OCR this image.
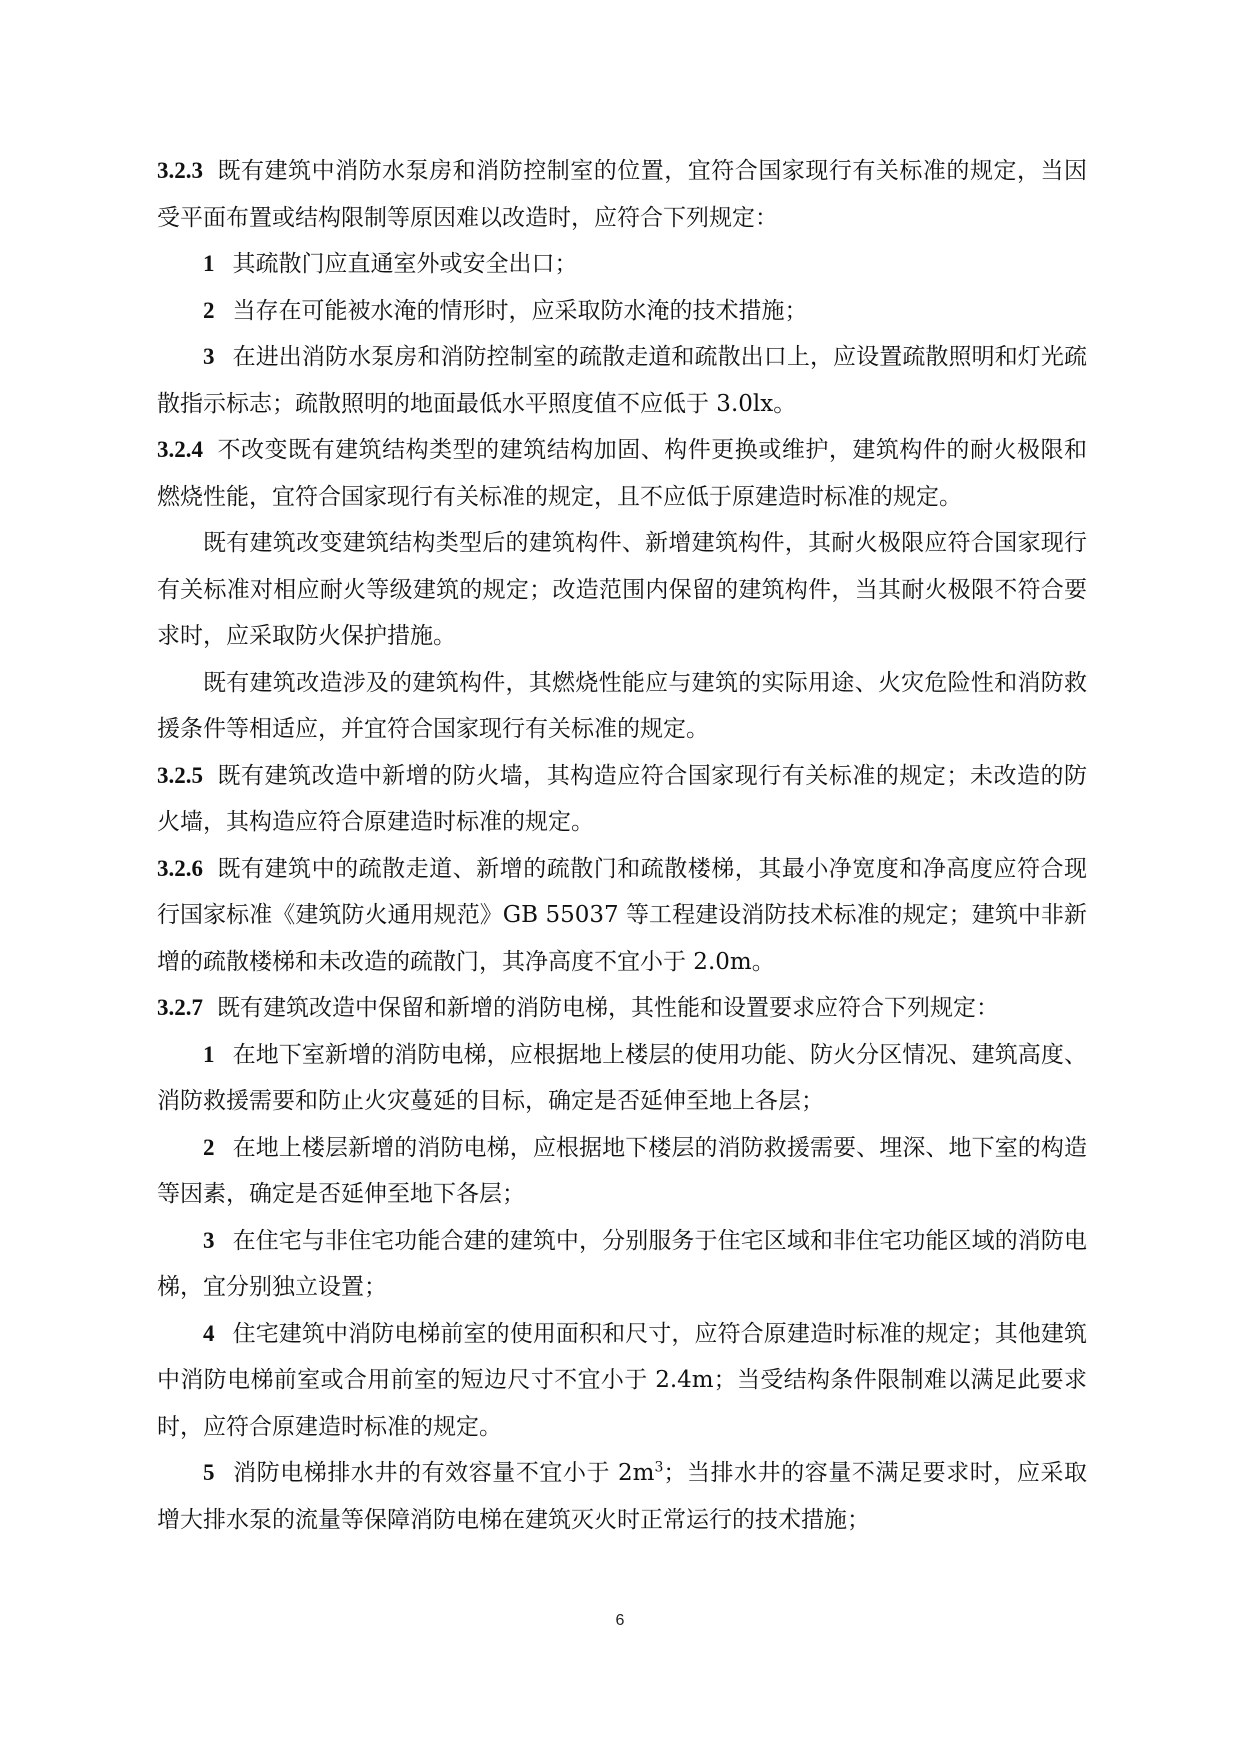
3.2.3 既有建筑中消防水泵房和消防控制室的位置，宜符合国家现行有关标准的规定，当因受平面布置或结构限制等原因难以改造时，应符合下列规定：

1 其疏散门应直通室外或安全出口；

2 当存在可能被水淹的情形时，应采取防水淹的技术措施；

3 在进出消防水泵房和消防控制室的疏散走道和疏散出口上，应设置疏散照明和灯光疏散指示标志；疏散照明的地面最低水平照度值不应低于 3.0lx。

3.2.4 不改变既有建筑结构类型的建筑结构加固、构件更换或维护，建筑构件的耐火极限和燃烧性能，宜符合国家现行有关标准的规定，且不应低于原建造时标准的规定。

既有建筑改变建筑结构类型后的建筑构件、新增建筑构件，其耐火极限应符合国家现行有关标准对相应耐火等级建筑的规定；改造范围内保留的建筑构件，当其耐火极限不符合要求时，应采取防火保护措施。

既有建筑改造涉及的建筑构件，其燃烧性能应与建筑的实际用途、火灾危险性和消防救援条件等相适应，并宜符合国家现行有关标准的规定。

3.2.5 既有建筑改造中新增的防火墙，其构造应符合国家现行有关标准的规定；未改造的防火墙，其构造应符合原建造时标准的规定。

3.2.6 既有建筑中的疏散走道、新增的疏散门和疏散楼梯，其最小净宽度和净高度应符合现行国家标准《建筑防火通用规范》GB 55037 等工程建设消防技术标准的规定；建筑中非新增的疏散楼梯和未改造的疏散门，其净高度不宜小于 2.0m。

3.2.7 既有建筑改造中保留和新增的消防电梯，其性能和设置要求应符合下列规定：

1 在地下室新增的消防电梯，应根据地上楼层的使用功能、防火分区情况、建筑高度、消防救援需要和防止火灾蔓延的目标，确定是否延伸至地上各层；

2 在地上楼层新增的消防电梯，应根据地下楼层的消防救援需要、埋深、地下室的构造等因素，确定是否延伸至地下各层；

3 在住宅与非住宅功能合建的建筑中，分别服务于住宅区域和非住宅功能区域的消防电梯，宜分别独立设置；

4 住宅建筑中消防电梯前室的使用面积和尺寸，应符合原建造时标准的规定；其他建筑中消防电梯前室或合用前室的短边尺寸不宜小于 2.4m；当受结构条件限制难以满足此要求时，应符合原建造时标准的规定。

5 消防电梯排水井的有效容量不宜小于 $2m^3$；当排水井的容量不满足要求时，应采取增大排水泵的流量等保障消防电梯在建筑灭火时正常运行的技术措施；

6
